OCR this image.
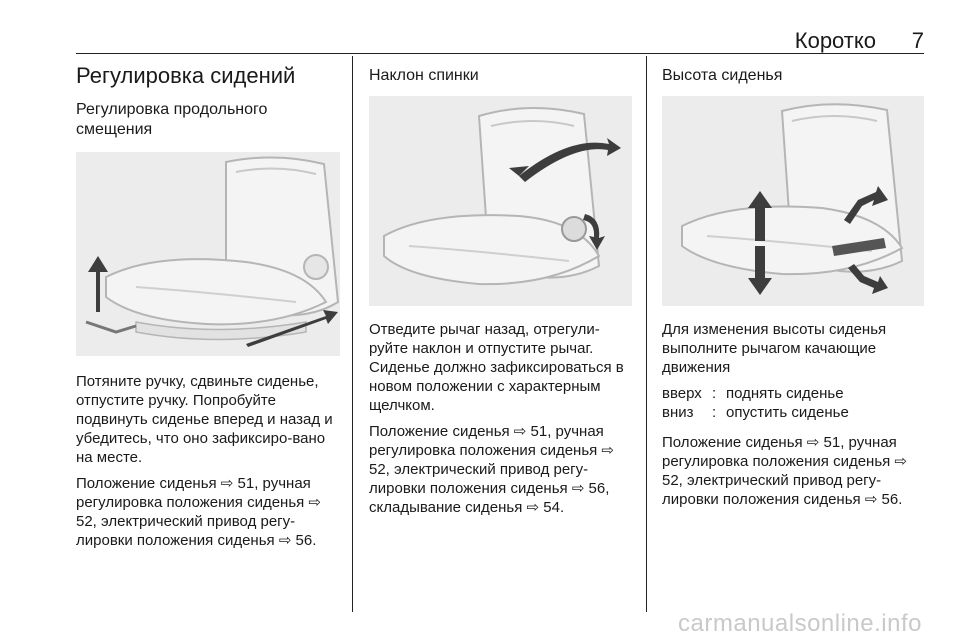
Коротко 7
Регулировка сидений
Регулировка продольного смещения

Потяните ручку, сдвиньте сиденье, отпустите ручку. Попробуйте подвинуть сиденье вперед и назад и убедитесь, что оно зафиксиро-вано на месте.

Положение сиденья ⇨ 51, ручная регулировка положения сиденья ⇨ 52, электрический привод регу-лировки положения сиденья ⇨ 56.

Наклон спинки

Отведите рычаг назад, отрегули-руйте наклон и отпустите рычаг. Сиденье должно зафиксироваться в новом положении с характерным щелчком.

Положение сиденья ⇨ 51, ручная регулировка положения сиденья ⇨ 52, электрический привод регу-лировки положения сиденья ⇨ 56, складывание сиденья ⇨ 54.

Высота сиденья

Для изменения высоты сиденья выполните рычагом качающие движения

вверх : поднять сиденье
вниз	: опустить сиденье

Положение сиденья ⇨ 51, ручная регулировка положения сиденья ⇨ 52, электрический привод регу-лировки положения сиденья ⇨ 56.

carmanualsonline.info
